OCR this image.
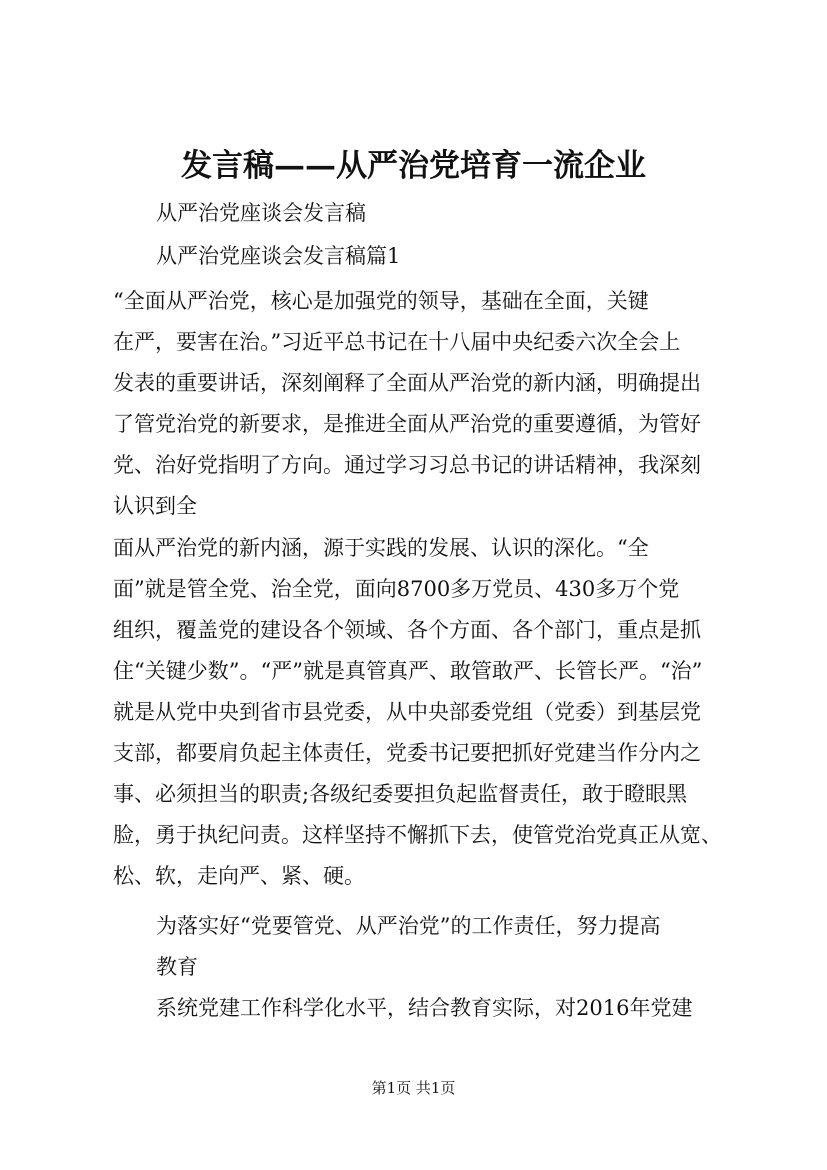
发言稿——从严治党培育一流企业
从严治党座谈会发言稿
从严治党座谈会发言稿篇1
“全面从严治党，核心是加强党的领导，基础在全面，关键
在严，要害在治。”习近平总书记在十八届中央纪委六次全会上
发表的重要讲话，深刻阐释了全面从严治党的新内涵，明确提出
了管党治党的新要求，是推进全面从严治党的重要遵循，为管好
党、治好党指明了方向。通过学习习总书记的讲话精神，我深刻
认识到全
面从严治党的新内涵，源于实践的发展、认识的深化。“全
面”就是管全党、治全党，面向8700多万党员、430多万个党
组织，覆盖党的建设各个领域、各个方面、各个部门，重点是抓
住“关键少数”。“严”就是真管真严、敢管敢严、长管长严。“治”
就是从党中央到省市县党委，从中央部委党组（党委）到基层党
支部，都要肩负起主体责任，党委书记要把抓好党建当作分内之
事、必须担当的职责;各级纪委要担负起监督责任，敢于瞪眼黑
脸，勇于执纪问责。这样坚持不懈抓下去，使管党治党真正从宽、
松、软，走向严、紧、硬。
为落实好“党要管党、从严治党”的工作责任，努力提高
教育
系统党建工作科学化水平，结合教育实际，对2016年党建
第1页 共1页
